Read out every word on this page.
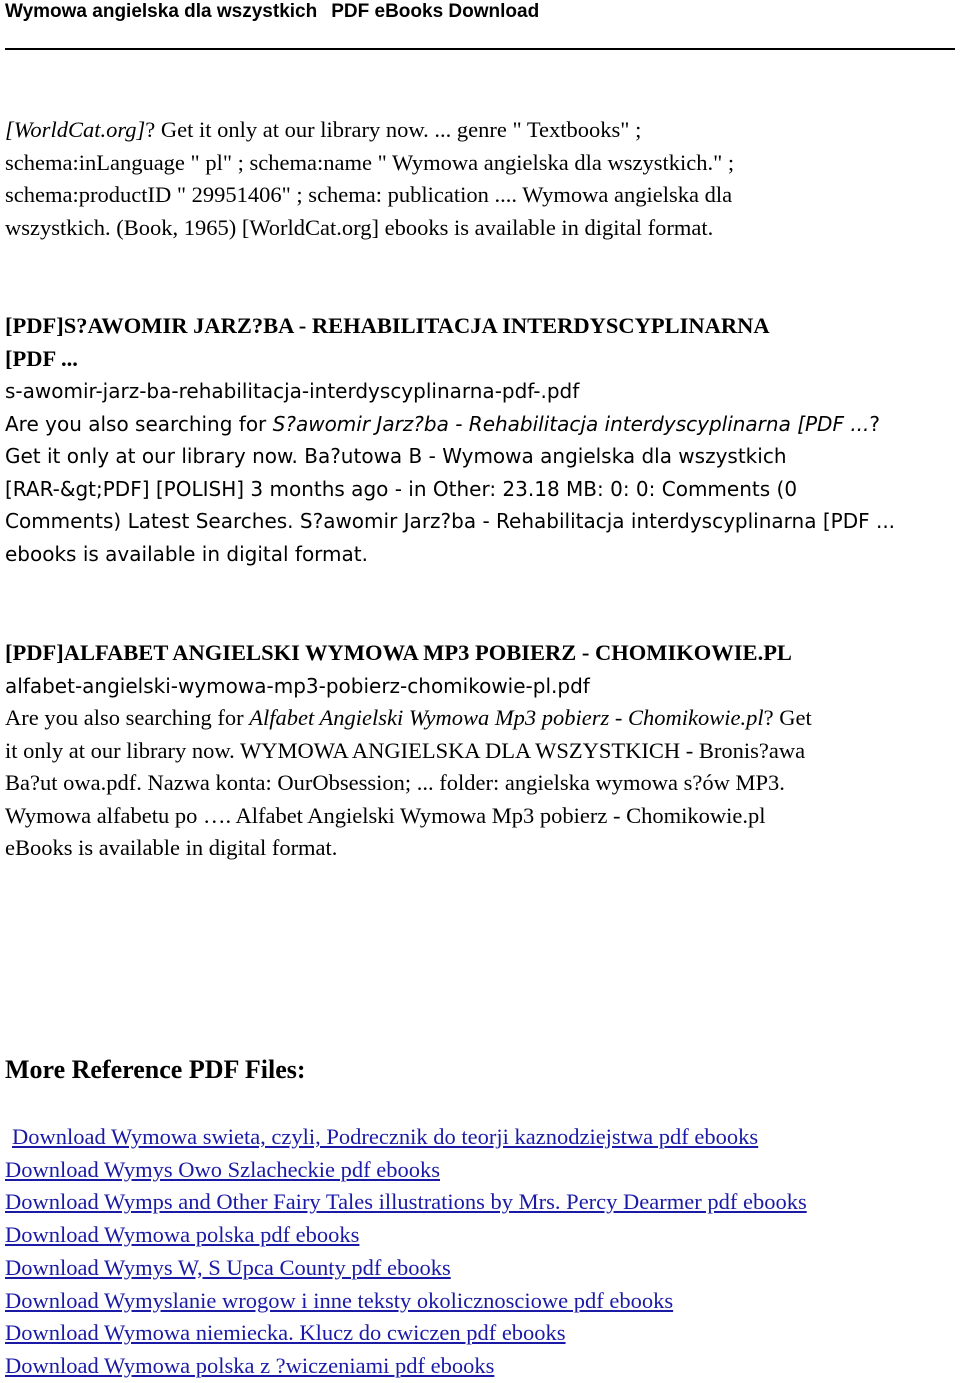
Wymowa angielska dla wszystkich PDF eBooks Download
[WorldCat.org]? Get it only at our library now. ... genre " Textbooks" ;
schema:inLanguage " pl" ; schema:name " Wymowa angielska dla wszystkich." ;
schema:productID " 29951406" ; schema: publication .... Wymowa angielska dla
wszystkich. (Book, 1965) [WorldCat.org] ebooks is available in digital format.
[PDF]S?AWOMIR JARZ?BA - REHABILITACJA INTERDYSCYPLINARNA
[PDF ...
s-awomir-jarz-ba-rehabilitacja-interdyscyplinarna-pdf-.pdf
Are you also searching for S?awomir Jarz?ba - Rehabilitacja interdyscyplinarna [PDF ...?
Get it only at our library now. Ba?utowa B - Wymowa angielska dla wszystkich
[RAR-&gt;PDF] [POLISH] 3 months ago - in Other: 23.18 MB: 0: 0: Comments (0
Comments) Latest Searches. S?awomir Jarz?ba - Rehabilitacja interdyscyplinarna [PDF ...
ebooks is available in digital format.
[PDF]ALFABET ANGIELSKI WYMOWA MP3 POBIERZ - CHOMIKOWIE.PL
alfabet-angielski-wymowa-mp3-pobierz-chomikowie-pl.pdf
Are you also searching for Alfabet Angielski Wymowa Mp3 pobierz - Chomikowie.pl? Get
it only at our library now. WYMOWA ANGIELSKA DLA WSZYSTKICH - Bronis?awa
Ba?ut owa.pdf. Nazwa konta: OurObsession; ... folder: angielska wymowa s?ów MP3.
Wymowa alfabetu po …. Alfabet Angielski Wymowa Mp3 pobierz - Chomikowie.pl
eBooks is available in digital format.
More Reference PDF Files:
Download Wymowa swieta, czyli, Podrecznik do teorji kaznodziejstwa pdf ebooks
Download Wymys Owo Szlacheckie pdf ebooks
Download Wymps and Other Fairy Tales illustrations by Mrs. Percy Dearmer pdf ebooks
Download Wymowa polska pdf ebooks
Download Wymys W, S Upca County pdf ebooks
Download Wymyslanie wrogow i inne teksty okolicznosciowe pdf ebooks
Download Wymowa niemiecka. Klucz do cwiczen pdf ebooks
Download Wymowa polska z ?wiczeniami pdf ebooks
